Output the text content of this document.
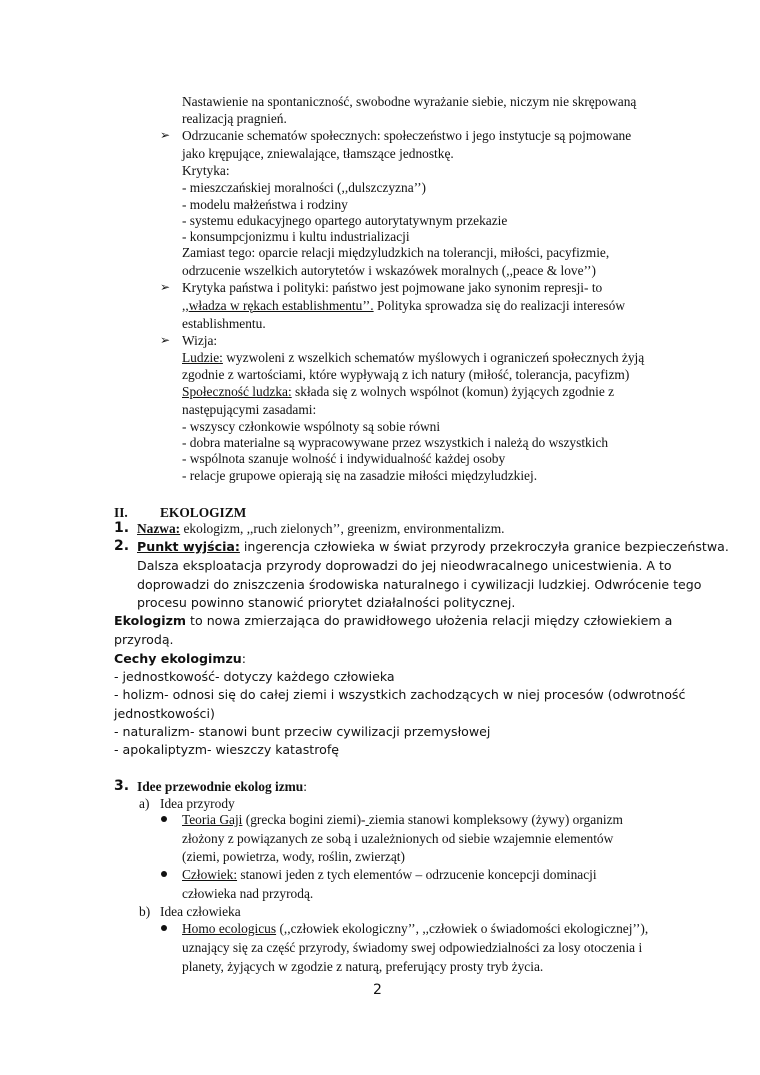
Nastawienie na spontaniczność, swobodne wyrażanie siebie, niczym nie skrępowaną
realizacją pragnień.
➢ Odrzucanie schematów społecznych: społeczeństwo i jego instytucje są pojmowane
jako krępujące, zniewalające, tłamszące jednostkę.
Krytyka:
- mieszczańskiej moralności (,,dulszczyzna’’)
- modelu małżeństwa i rodziny
- systemu edukacyjnego opartego autorytatywnym przekazie
- konsumpcjonizmu i kultu industrializacji
Zamiast tego: oparcie relacji międzyludzkich na tolerancji, miłości, pacyfizmie,
odrzucenie wszelkich autorytetów i wskazówek moralnych (,,peace & love’’)
➢ Krytyka państwa i polityki: państwo jest pojmowane jako synonim represji- to
,,władza w rękach establishmentu’’. Polityka sprowadza się do realizacji interesów
establishmentu.
➢ Wizja:
Ludzie: wyzwoleni z wszelkich schematów myślowych i ograniczeń społecznych żyją
zgodnie z wartościami, które wypływają z ich natury (miłość, tolerancja, pacyfizm)
Społeczność ludzka: składa się z wolnych wspólnot (komun) żyjących zgodnie z
następującymi zasadami:
- wszyscy członkowie wspólnoty są sobie równi
- dobra materialne są wypracowywane przez wszystkich i należą do wszystkich
- wspólnota szanuje wolność i indywidualność każdej osoby
- relacje grupowe opierają się na zasadzie miłości międzyludzkiej.
II. EKOLOGIZM
1. Nazwa: ekologizm, ,,ruch zielonych’’, greenizm, environmentalizm.
2. Punkt wyjścia: ingerencja człowieka w świat przyrody przekroczyła granice bezpieczeństwa.
Dalsza eksploatacja przyrody doprowadzi do jej nieodwracalnego unicestwienia. A to
doprowadzi do zniszczenia środowiska naturalnego i cywilizacji ludzkiej. Odwrócenie tego
procesu powinno stanowić priorytet działalności politycznej.
Ekologizm to nowa zmierzająca do prawidłowego ułożenia relacji między człowiekiem a
przyrodą.
Cechy ekologimzu:
- jednostkowość- dotyczy każdego człowieka
- holizm- odnosi się do całej ziemi i wszystkich zachodzących w niej procesów (odwrotność
jednostkowości)
- naturalizm- stanowi bunt przeciw cywilizacji przemysłowej
- apokaliptyzm- wieszczy katastrofę
3. Idee przewodnie ekolog izmu:
a) Idea przyrody
Teoria Gaji (grecka bogini ziemi)- ziemia stanowi kompleksowy (żywy) organizm
złożony z powiązanych ze sobą i uzależnionych od siebie wzajemnie elementów
(ziemi, powietrza, wody, roślin, zwierząt)
Człowiek: stanowi jeden z tych elementów – odrzucenie koncepcji dominacji
człowieka nad przyrodą.
b) Idea człowieka
Homo ecologicus (,,człowiek ekologiczny’’, ,,człowiek o świadomości ekologicznej’’),
uznający się za część przyrody, świadomy swej odpowiedzialności za losy otoczenia i
planety, żyjących w zgodzie z naturą, preferujący prosty tryb życia.
2
